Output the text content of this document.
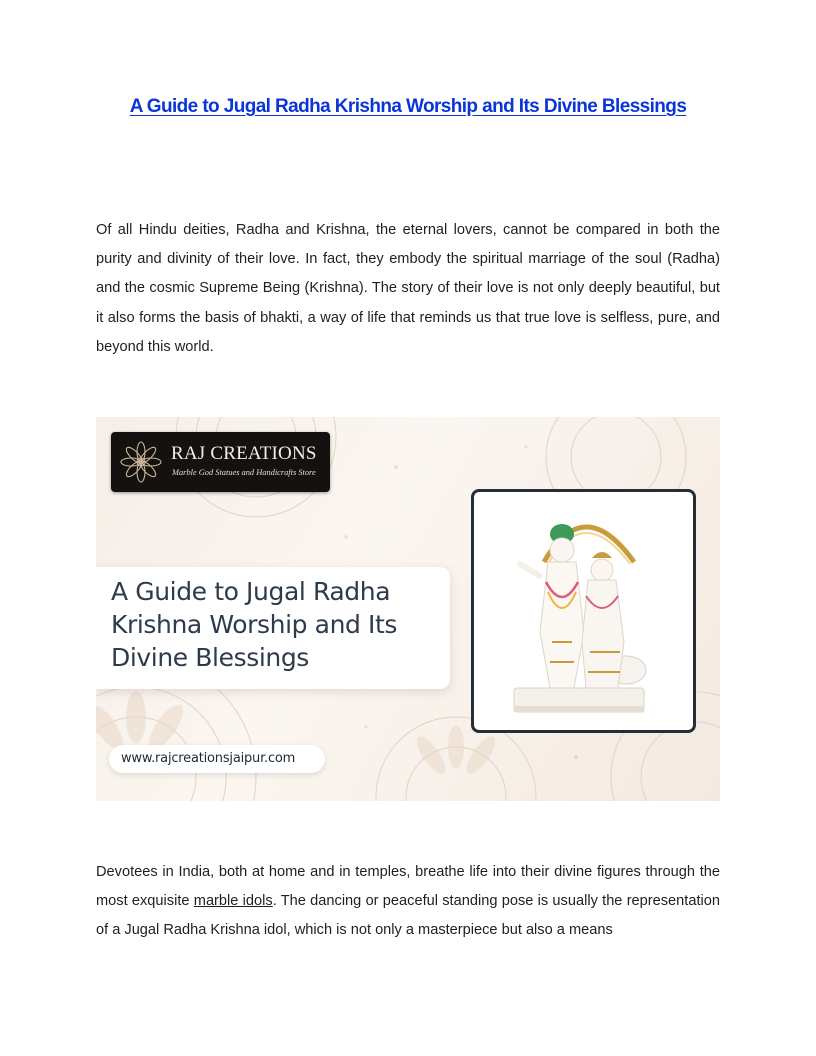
A Guide to Jugal Radha Krishna Worship and Its Divine Blessings

Of all Hindu deities, Radha and Krishna, the eternal lovers, cannot be compared in both the purity and divinity of their love. In fact, they embody the spiritual marriage of the soul (Radha) and the cosmic Supreme Being (Krishna). The story of their love is not only deeply beautiful, but it also forms the basis of bhakti, a way of life that reminds us that true love is selfless, pure, and beyond this world.

RAJ CREATIONS
Marble God Statues and Handicrafts Store
A Guide to Jugal Radha
Krishna Worship and Its
Divine Blessings
www.rajcreationsjaipur.com

Devotees in India, both at home and in temples, breathe life into their divine figures through the most exquisite marble idols. The dancing or peaceful standing pose is usually the representation of a Jugal Radha Krishna idol, which is not only a masterpiece but also a means
